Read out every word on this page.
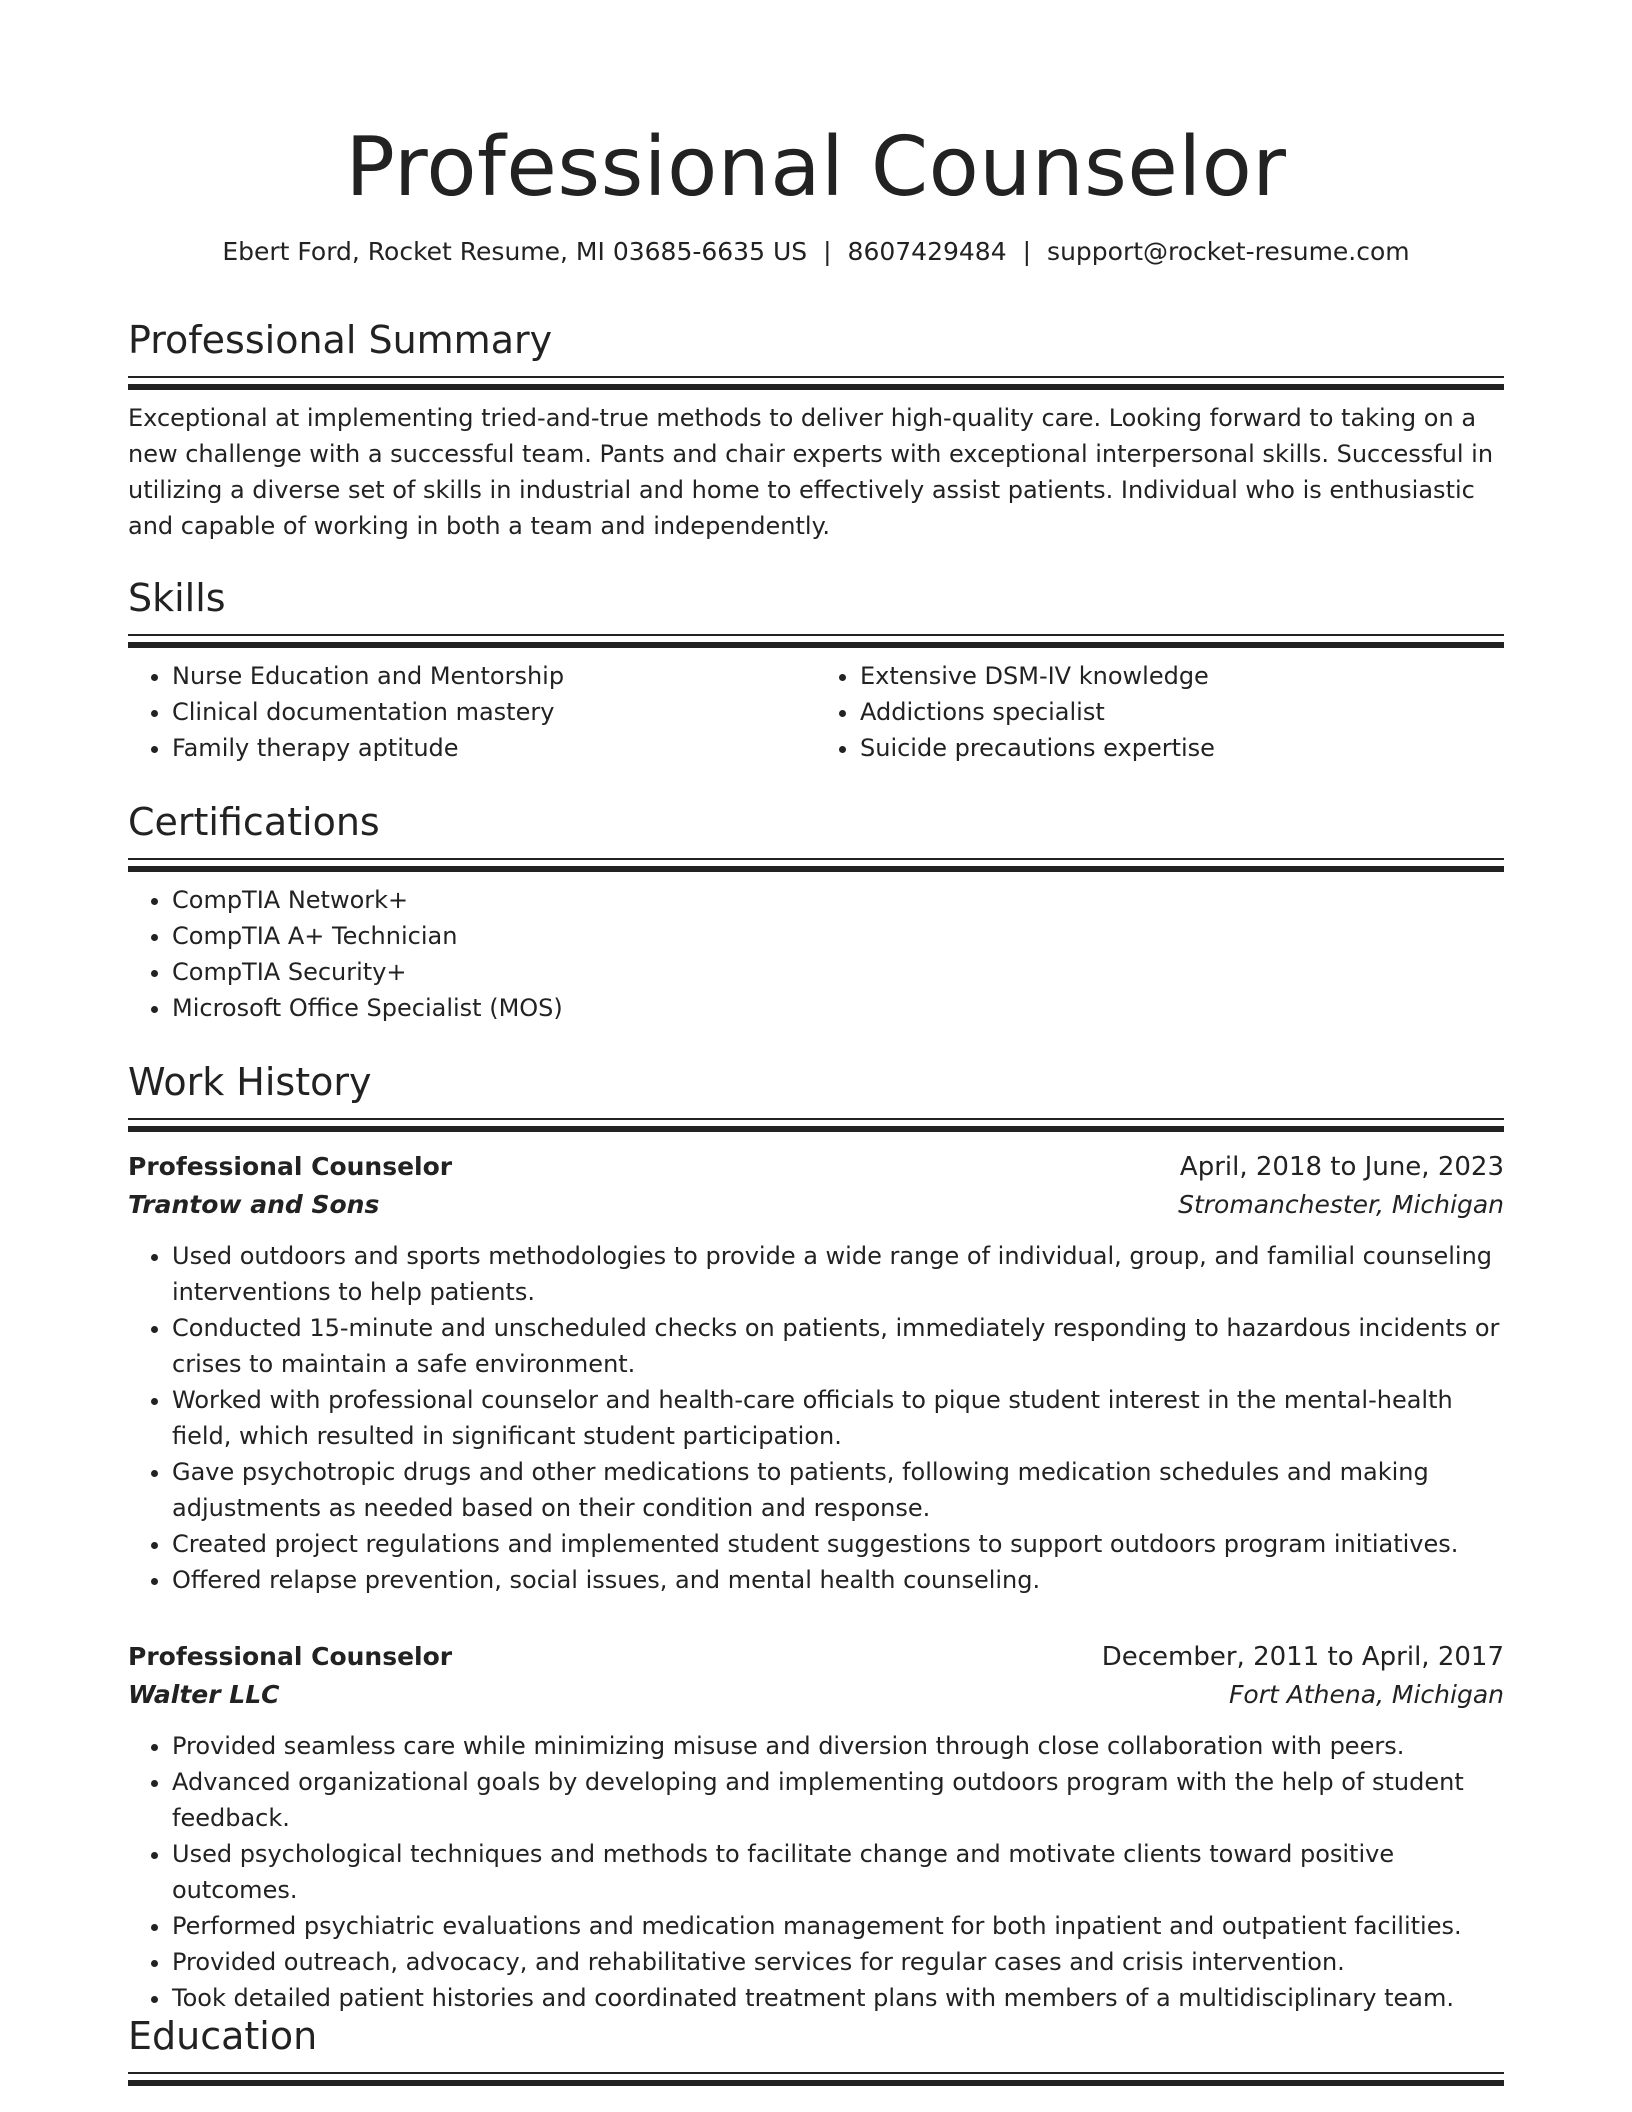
Professional Counselor
Ebert Ford, Rocket Resume, MI 03685-6635 US | 8607429484 | support@rocket-resume.com
Professional Summary
Exceptional at implementing tried-and-true methods to deliver high-quality care. Looking forward to taking on a new challenge with a successful team. Pants and chair experts with exceptional interpersonal skills. Successful in utilizing a diverse set of skills in industrial and home to effectively assist patients. Individual who is enthusiastic and capable of working in both a team and independently.
Skills
• Nurse Education and Mentorship
• Clinical documentation mastery
• Family therapy aptitude
• Extensive DSM-IV knowledge
• Addictions specialist
• Suicide precautions expertise
Certifications
• CompTIA Network+
• CompTIA A+ Technician
• CompTIA Security+
• Microsoft Office Specialist (MOS)
Work History
Professional Counselor	April, 2018 to June, 2023
Trantow and Sons	Stromanchester, Michigan
• Used outdoors and sports methodologies to provide a wide range of individual, group, and familial counseling interventions to help patients.
• Conducted 15-minute and unscheduled checks on patients, immediately responding to hazardous incidents or crises to maintain a safe environment.
• Worked with professional counselor and health-care officials to pique student interest in the mental-health field, which resulted in significant student participation.
• Gave psychotropic drugs and other medications to patients, following medication schedules and making adjustments as needed based on their condition and response.
• Created project regulations and implemented student suggestions to support outdoors program initiatives.
• Offered relapse prevention, social issues, and mental health counseling.
Professional Counselor	December, 2011 to April, 2017
Walter LLC	Fort Athena, Michigan
• Provided seamless care while minimizing misuse and diversion through close collaboration with peers.
• Advanced organizational goals by developing and implementing outdoors program with the help of student feedback.
• Used psychological techniques and methods to facilitate change and motivate clients toward positive outcomes.
• Performed psychiatric evaluations and medication management for both inpatient and outpatient facilities.
• Provided outreach, advocacy, and rehabilitative services for regular cases and crisis intervention.
• Took detailed patient histories and coordinated treatment plans with members of a multidisciplinary team.
Education
